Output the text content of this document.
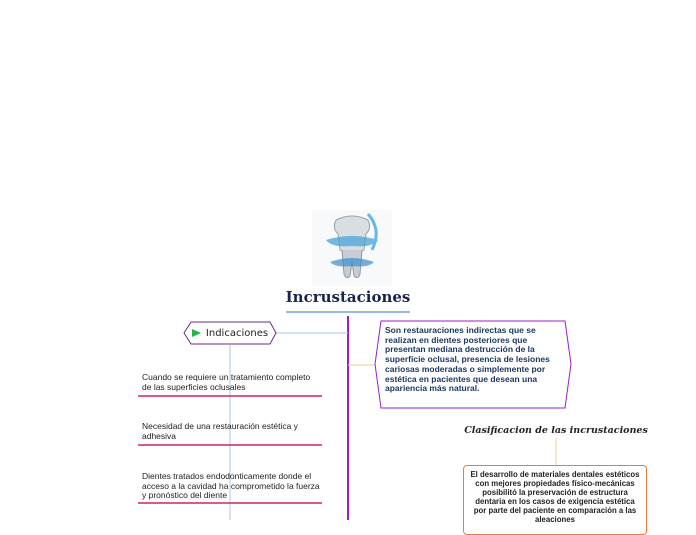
Incrustaciones
Indicaciones
Cuando se requiere un tratamiento completo de las superficies oclusales
Necesidad de una restauración estética y adhesiva
Dientes tratados endodonticamente donde el acceso a la cavidad ha comprometido la fuerza y pronóstico del diente
Son restauraciones indirectas que se realizan en dientes posteriores que presentan mediana destrucción de la superficie oclusal, presencia de lesiones cariosas moderadas o simplemente por estética en pacientes que desean una apariencia más natural.
Clasificacion de las incrustaciones
El desarrollo de materiales dentales estéticos con mejores propiedades físico-mecánicas posibilitó la preservación de estructura dentaria en los casos de exigencia estética por parte del paciente en comparación a las aleaciones
